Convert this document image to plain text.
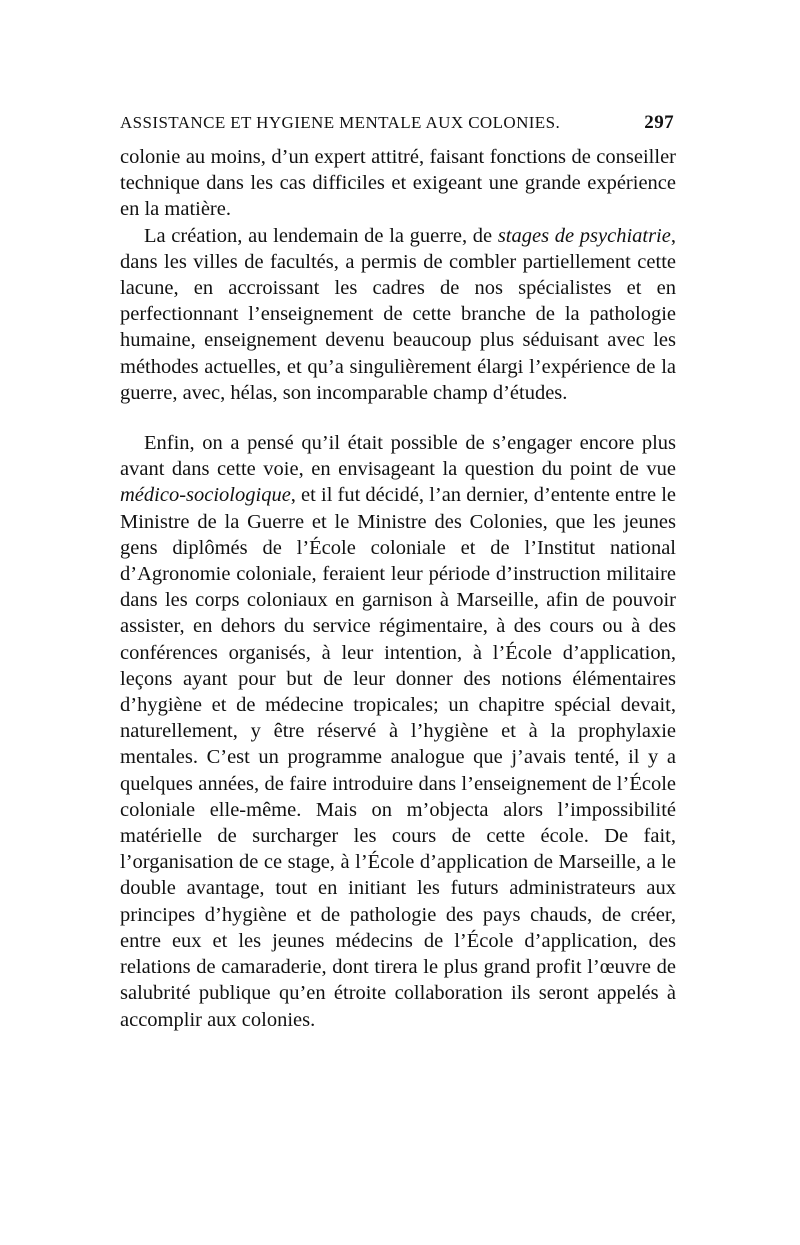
ASSISTANCE ET HYGIENE MENTALE AUX COLONIES.	297

colonie au moins, d’un expert attitré, faisant fonctions de conseiller technique dans les cas difficiles et exigeant une grande expérience en la matière.

La création, au lendemain de la guerre, de stages de psychiatrie, dans les villes de facultés, a permis de combler partiellement cette lacune, en accroissant les cadres de nos spécialistes et en perfectionnant l’enseignement de cette branche de la pathologie humaine, enseignement devenu beaucoup plus séduisant avec les méthodes actuelles, et qu’a singulièrement élargi l’expérience de la guerre, avec, hélas, son incomparable champ d’études.

Enfin, on a pensé qu’il était possible de s’engager encore plus avant dans cette voie, en envisageant la question du point de vue médico-sociologique, et il fut décidé, l’an dernier, d’entente entre le Ministre de la Guerre et le Ministre des Colonies, que les jeunes gens diplômés de l’École coloniale et de l’Institut national d’Agronomie coloniale, feraient leur période d’instruction militaire dans les corps coloniaux en garnison à Marseille, afin de pouvoir assister, en dehors du service régimentaire, à des cours ou à des conférences organisés, à leur intention, à l’École d’application, leçons ayant pour but de leur donner des notions élémentaires d’hygiène et de médecine tropicales; un chapitre spécial devait, naturellement, y être réservé à l’hygiène et à la prophylaxie mentales. C’est un programme analogue que j’avais tenté, il y a quelques années, de faire introduire dans l’enseignement de l’École coloniale elle-même. Mais on m’objecta alors l’impossibilité matérielle de surcharger les cours de cette école. De fait, l’organisation de ce stage, à l’École d’application de Marseille, a le double avantage, tout en initiant les futurs administrateurs aux principes d’hygiène et de pathologie des pays chauds, de créer, entre eux et les jeunes médecins de l’École d’application, des relations de camaraderie, dont tirera le plus grand profit l’œuvre de salubrité publique qu’en étroite collaboration ils seront appelés à accomplir aux colonies.
